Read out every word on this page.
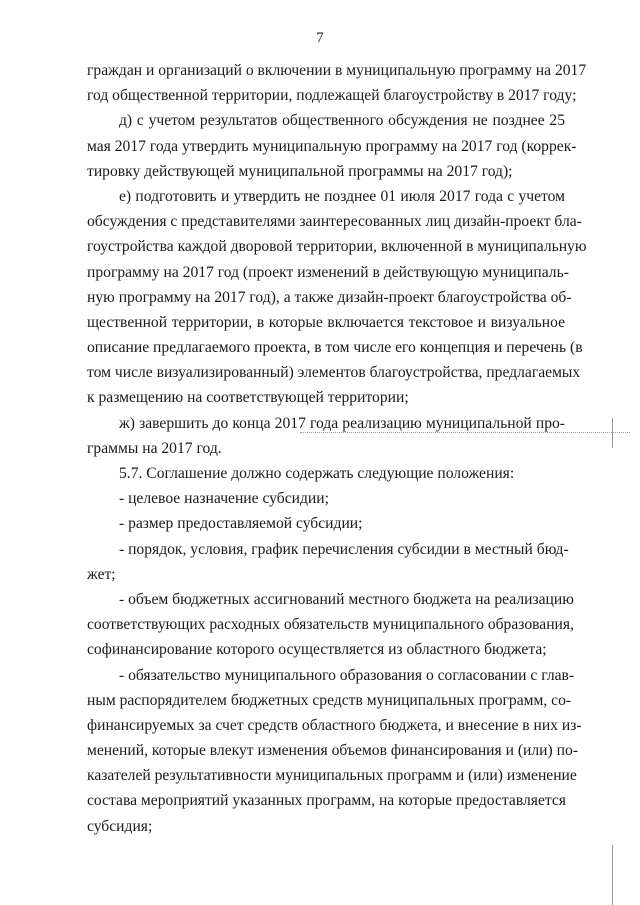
7
граждан и организаций о включении в муниципальную программу на 2017
год общественной территории, подлежащей благоустройству в 2017 году;
д) с учетом результатов общественного обсуждения не позднее 25
мая 2017 года утвердить муниципальную программу на 2017 год (коррек-
тировку действующей муниципальной программы на 2017 год);
е) подготовить и утвердить не позднее 01 июля 2017 года с учетом
обсуждения с представителями заинтересованных лиц дизайн-проект бла-
гоустройства каждой дворовой территории, включенной в муниципальную
программу на 2017 год (проект изменений в действующую муниципаль-
ную программу на 2017 год), а также дизайн-проект благоустройства об-
щественной территории, в которые включается текстовое и визуальное
описание предлагаемого проекта, в том числе его концепция и перечень (в
том числе визуализированный) элементов благоустройства, предлагаемых
к размещению на соответствующей территории;
ж) завершить до конца 2017 года реализацию муниципальной про-
граммы на 2017 год.
5.7. Соглашение должно содержать следующие положения:
- целевое назначение субсидии;
- размер предоставляемой субсидии;
- порядок, условия, график перечисления субсидии в местный бюд-
жет;
- объем бюджетных ассигнований местного бюджета на реализацию
соответствующих расходных обязательств муниципального образования,
софинансирование которого осуществляется из областного бюджета;
- обязательство муниципального образования о согласовании с глав-
ным распорядителем бюджетных средств муниципальных программ, со-
финансируемых за счет средств областного бюджета, и внесение в них из-
менений, которые влекут изменения объемов финансирования и (или) по-
казателей результативности муниципальных программ и (или) изменение
состава мероприятий указанных программ, на которые предоставляется
субсидия;
